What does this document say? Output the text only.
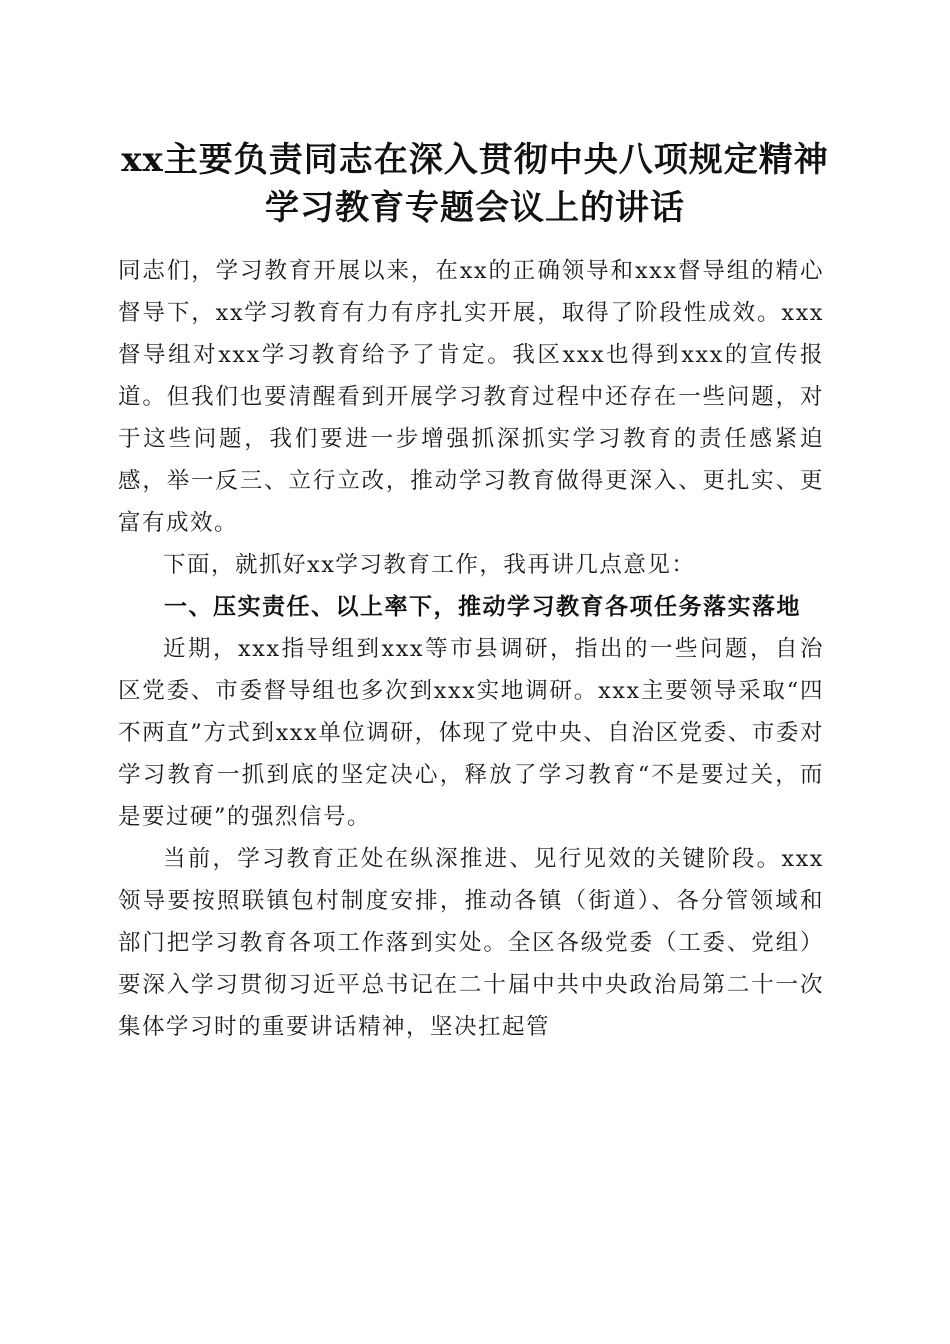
xx主要负责同志在深入贯彻中央八项规定精神学习教育专题会议上的讲话

同志们，学习教育开展以来，在xx的正确领导和xxx督导组的精心督导下，xx学习教育有力有序扎实开展，取得了阶段性成效。xxx督导组对xxx学习教育给予了肯定。我区xxx也得到xxx的宣传报道。但我们也要清醒看到开展学习教育过程中还存在一些问题，对于这些问题，我们要进一步增强抓深抓实学习教育的责任感紧迫感，举一反三、立行立改，推动学习教育做得更深入、更扎实、更富有成效。

下面，就抓好xx学习教育工作，我再讲几点意见：

一、压实责任、以上率下，推动学习教育各项任务落实落地

近期，xxx指导组到xxx等市县调研，指出的一些问题，自治区党委、市委督导组也多次到xxx实地调研。xxx主要领导采取“四不两直”方式到xxx单位调研，体现了党中央、自治区党委、市委对学习教育一抓到底的坚定决心，释放了学习教育“不是要过关，而是要过硬”的强烈信号。

当前，学习教育正处在纵深推进、见行见效的关键阶段。xxx领导要按照联镇包村制度安排，推动各镇（街道）、各分管领域和部门把学习教育各项工作落到实处。全区各级党委（工委、党组）要深入学习贯彻习近平总书记在二十届中共中央政治局第二十一次集体学习时的重要讲话精神，坚决扛起管
